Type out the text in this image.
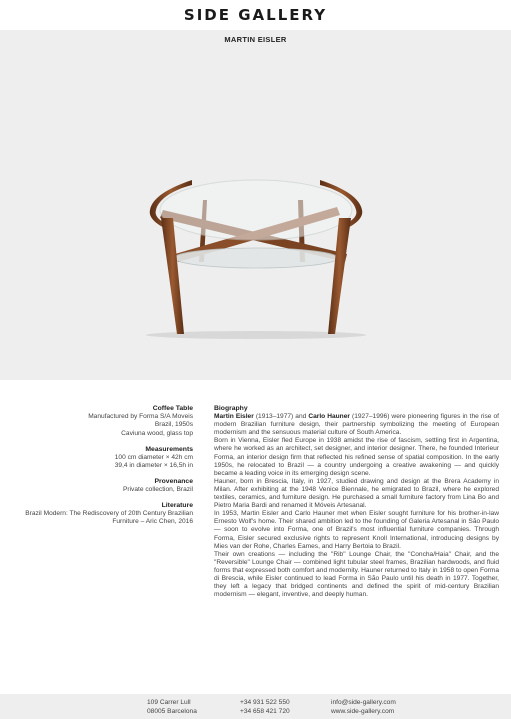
SIDE GALLERY
MARTIN EISLER
Coffee Table
Manufactured by Forma S/A Moveis
Brazil, 1950s
Caviuna wood, glass top
Measurements
100 cm diameter × 42h cm
39,4 in diameter × 16,5h in
Provenance
Private collection, Brazil
Literature
Brazil Modern: The Rediscovery of 20th Century Brazilian
Furniture – Aric Chen, 2016
Biography

Martin Eisler (1913–1977) and Carlo Hauner (1927–1996) were pioneering figures in the rise of modern Brazilian furniture design, their partnership symbolizing the meeting of European modernism and the sensuous material culture of South America.

Born in Vienna, Eisler fled Europe in 1938 amidst the rise of fascism, settling first in Argentina, where he worked as an architect, set designer, and interior designer. There, he founded Interieur Forma, an interior design firm that reflected his refined sense of spatial composition. In the early 1950s, he relocated to Brazil — a country undergoing a creative awakening — and quickly became a leading voice in its emerging design scene.

Hauner, born in Brescia, Italy, in 1927, studied drawing and design at the Brera Academy in Milan. After exhibiting at the 1948 Venice Biennale, he emigrated to Brazil, where he explored textiles, ceramics, and furniture design. He purchased a small furniture factory from Lina Bo and Pietro Maria Bardi and renamed it Móveis Artesanal.

In 1953, Martin Eisler and Carlo Hauner met when Eisler sought furniture for his brother-in-law Ernesto Wolf's home. Their shared ambition led to the founding of Galeria Artesanal in São Paulo — soon to evolve into Forma, one of Brazil's most influential furniture companies. Through Forma, Eisler secured exclusive rights to represent Knoll International, introducing designs by Mies van der Rohe, Charles Eames, and Harry Bertoia to Brazil.

Their own creations — including the "Rib" Lounge Chair, the "Concha/Haia" Chair, and the "Reversible" Lounge Chair — combined light tubular steel frames, Brazilian hardwoods, and fluid forms that expressed both comfort and modernity. Hauner returned to Italy in 1958 to open Forma di Brescia, while Eisler continued to lead Forma in São Paulo until his death in 1977. Together, they left a legacy that bridged continents and defined the spirit of mid-century Brazilian modernism — elegant, inventive, and deeply human.

109 Carrer Lull
08005 Barcelona
+34 931 522 550
+34 658 421 720
info@side-gallery.com
www.side-gallery.com
